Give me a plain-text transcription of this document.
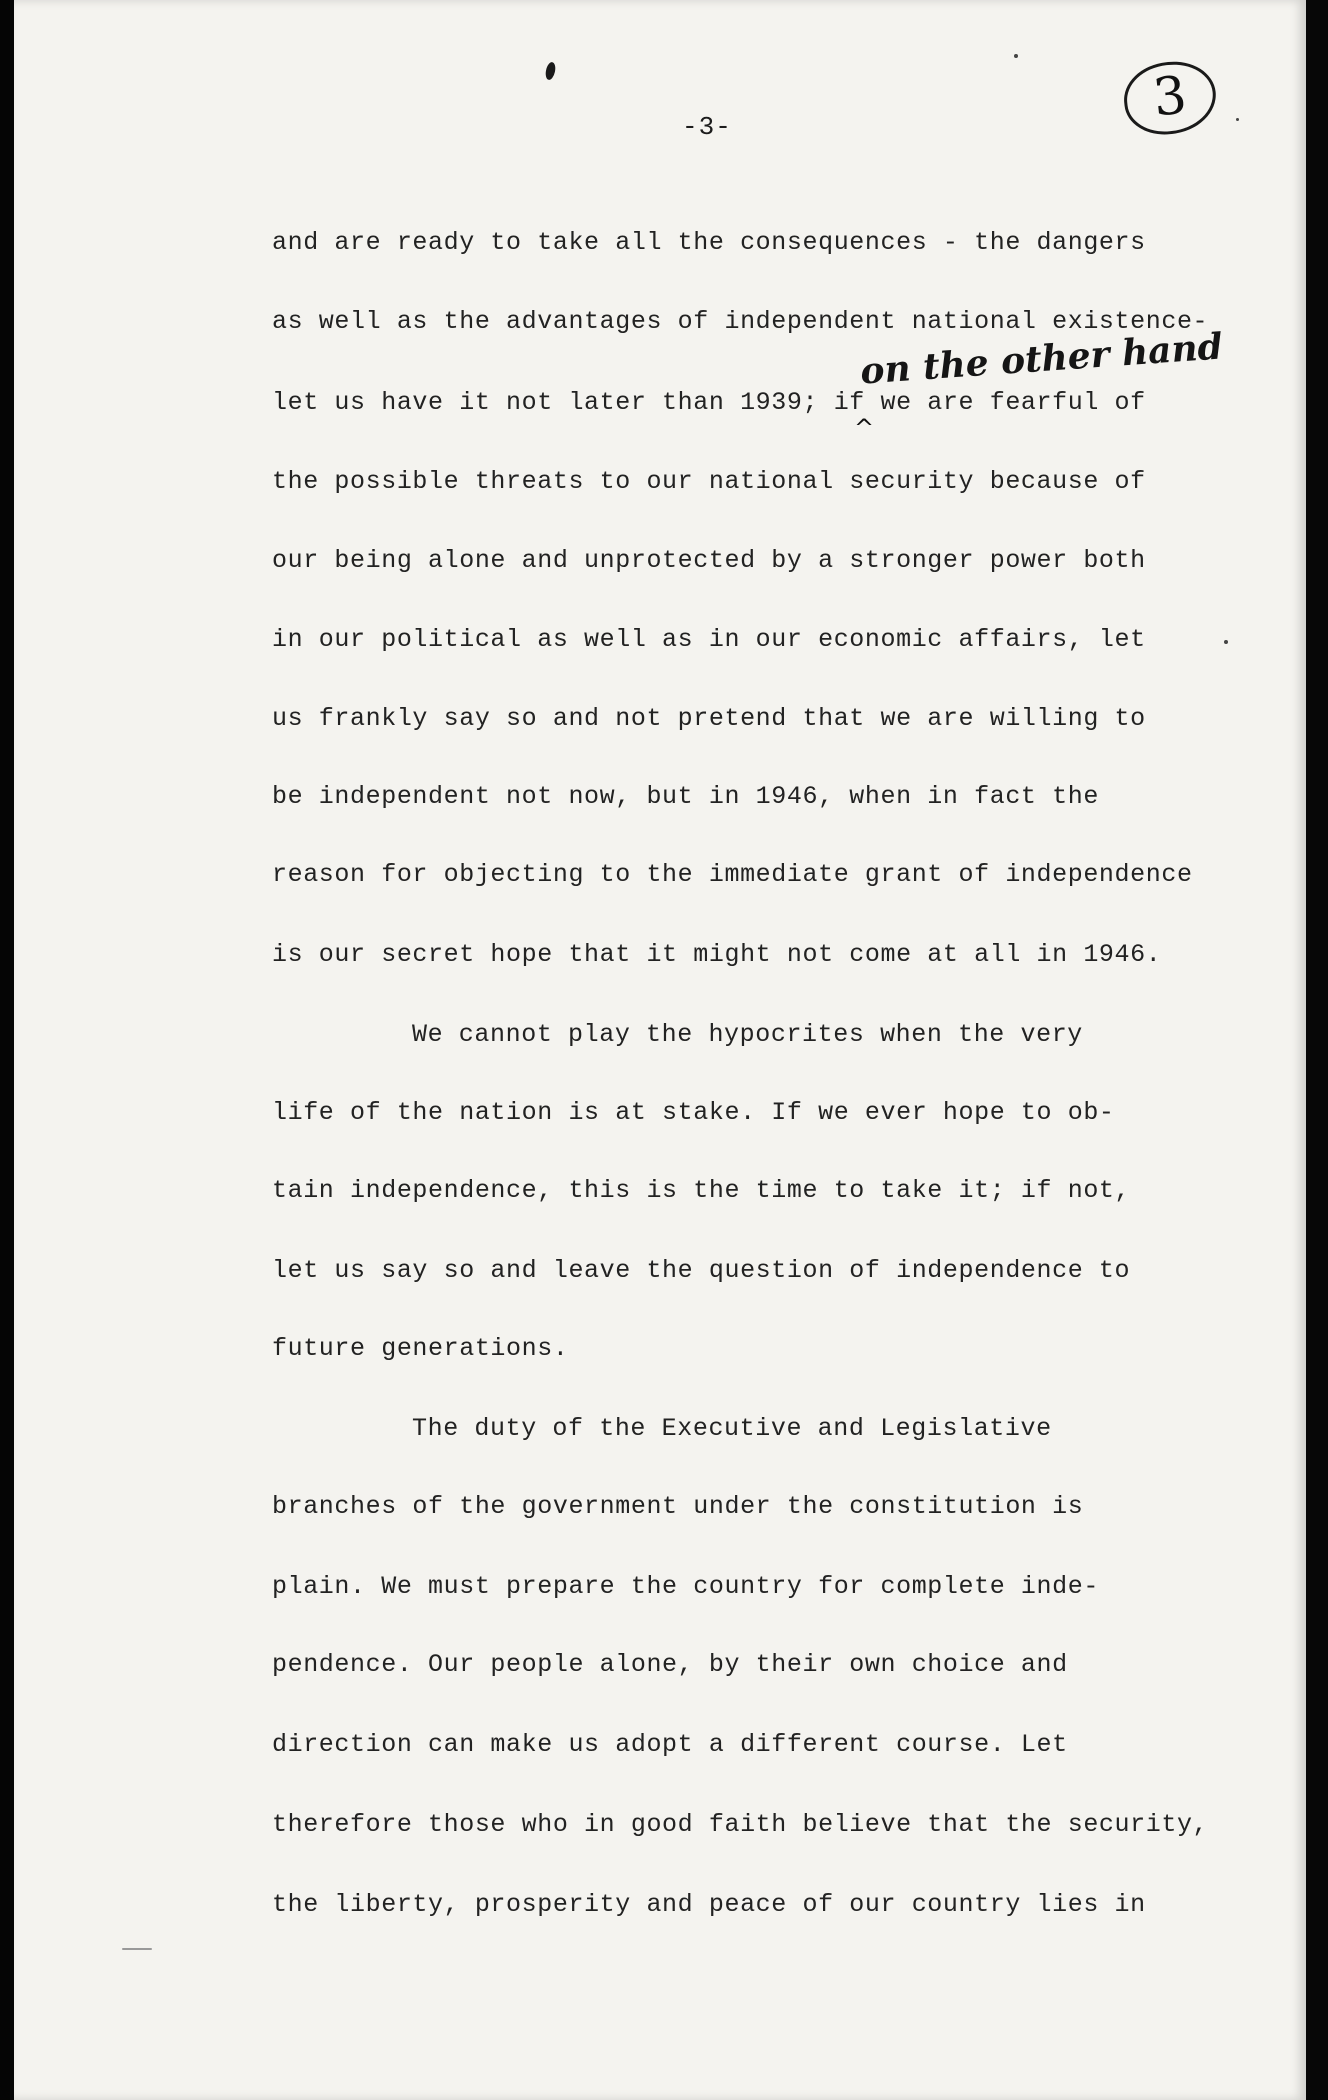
-3-	3
on the other hand
^
and are ready to take all the consequences - the dangers
as well as the advantages of independent national existence-
let us have it not later than 1939; if we are fearful of
the possible threats to our national security because of
our being alone and unprotected by a stronger power both
in our political as well as in our economic affairs, let
us frankly say so and not pretend that we are willing to
be independent not now, but in 1946, when in fact the
reason for objecting to the immediate grant of independence
is our secret hope that it might not come at all in 1946.
We cannot play the hypocrites when the very
life of the nation is at stake. If we ever hope to ob-
tain independence, this is the time to take it; if not,
let us say so and leave the question of independence to
future generations.
The duty of the Executive and Legislative
branches of the government under the constitution is
plain. We must prepare the country for complete inde-
pendence. Our people alone, by their own choice and
direction can make us adopt a different course. Let
therefore those who in good faith believe that the security,
the liberty, prosperity and peace of our country lies in
